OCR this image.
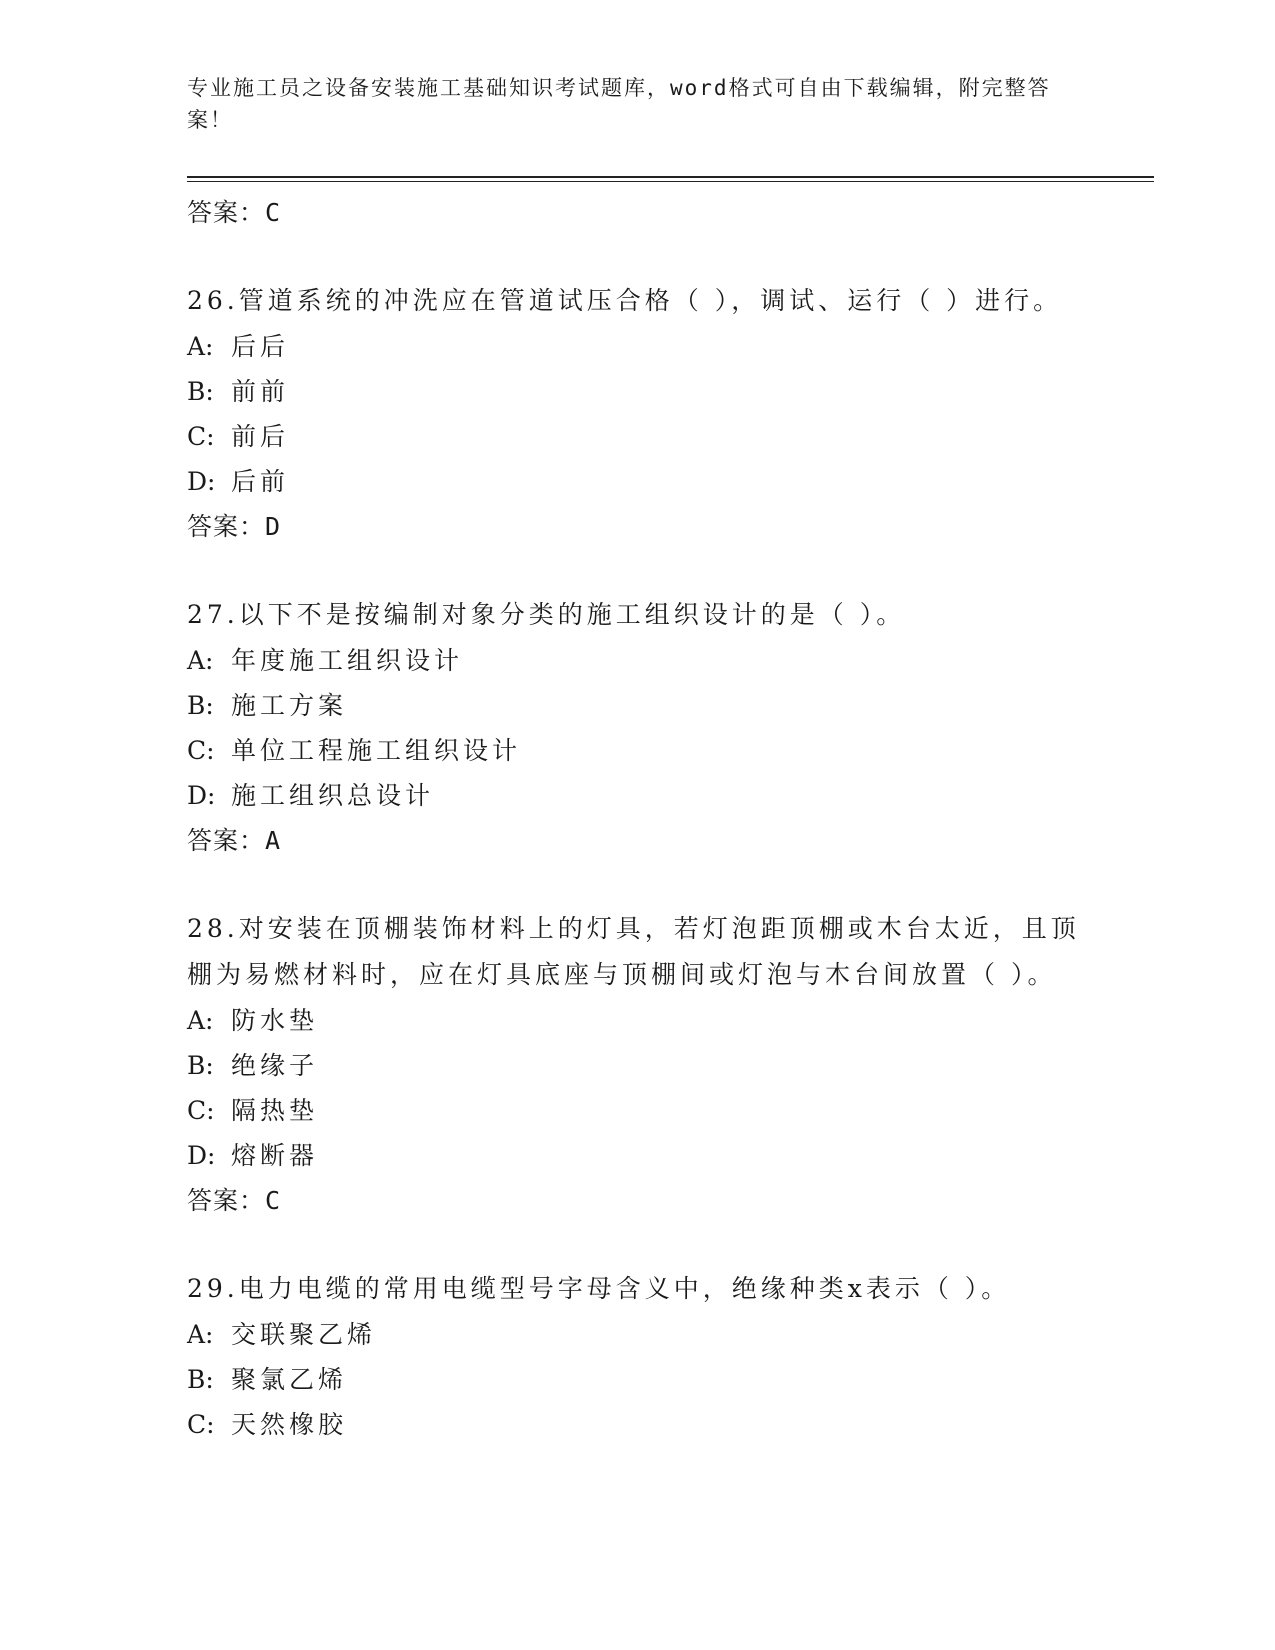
专业施工员之设备安装施工基础知识考试题库，word格式可自由下载编辑，附完整答案！
答案：C
26.管道系统的冲洗应在管道试压合格（ ），调试、运行（ ）进行。
A: 后后
B: 前前
C: 前后
D: 后前
答案：D
27.以下不是按编制对象分类的施工组织设计的是（ ）。
A: 年度施工组织设计
B: 施工方案
C: 单位工程施工组织设计
D: 施工组织总设计
答案：A
28.对安装在顶棚装饰材料上的灯具，若灯泡距顶棚或木台太近，且顶棚为易燃材料时，应在灯具底座与顶棚间或灯泡与木台间放置（ ）。
A: 防水垫
B: 绝缘子
C: 隔热垫
D: 熔断器
答案：C
29.电力电缆的常用电缆型号字母含义中，绝缘种类x表示（ ）。
A: 交联聚乙烯
B: 聚氯乙烯
C: 天然橡胶
